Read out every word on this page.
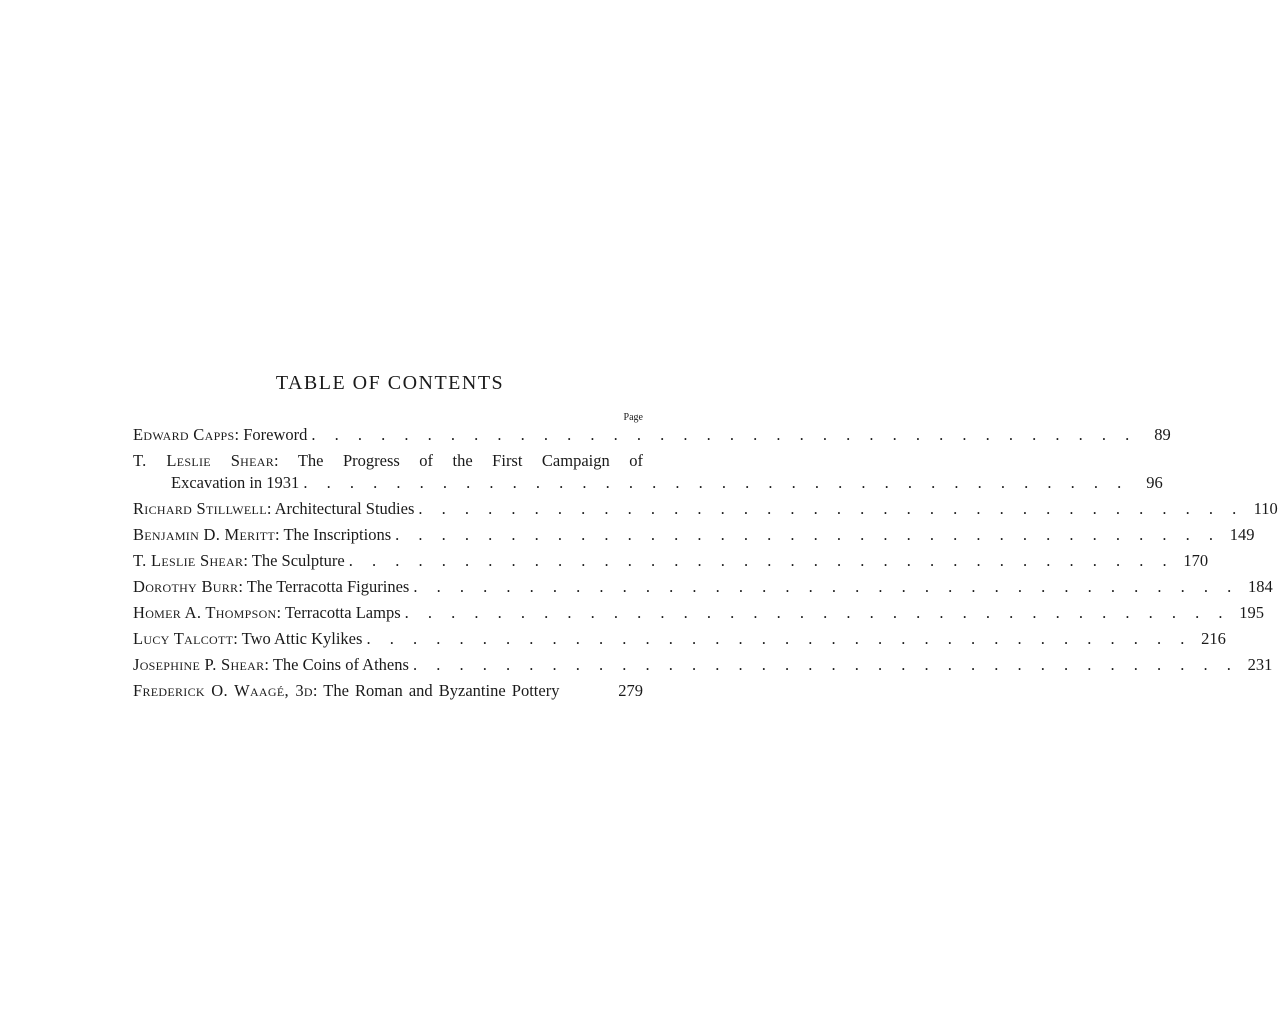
TABLE OF CONTENTS
Page
Edward Capps: Foreword . . . . . . . . . . . . . . . . . . . . . . . . . . . . . . . . . . . .	89
T. Leslie Shear: The Progress of the First Campaign of
Excavation in 1931 . . . . . . . . . . . . . . . . . . . . . . . . . . . . . . . . . . . .	96
Richard Stillwell: Architectural Studies . . . . . . . . . . . . . . . . . . . . . . . . . . . . . . . . . . . . 110
Benjamin D. Meritt: The Inscriptions . . . . . . . . . . . . . . . . . . . . . . . . . . . . . . . . . . . . 149
T. Leslie Shear: The Sculpture . . . . . . . . . . . . . . . . . . . . . . . . . . . . . . . . . . . . 170
Dorothy Burr: The Terracotta Figurines . . . . . . . . . . . . . . . . . . . . . . . . . . . . . . . . . . . . 184
Homer A. Thompson: Terracotta Lamps . . . . . . . . . . . . . . . . . . . . . . . . . . . . . . . . . . . . 195
Lucy Talcott: Two Attic Kylikes . . . . . . . . . . . . . . . . . . . . . . . . . . . . . . . . . . . . 216
Josephine P. Shear: The Coins of Athens . . . . . . . . . . . . . . . . . . . . . . . . . . . . . . . . . . . . 231
Frederick O. Waagé, 3d: The Roman and Byzantine Pottery	279
